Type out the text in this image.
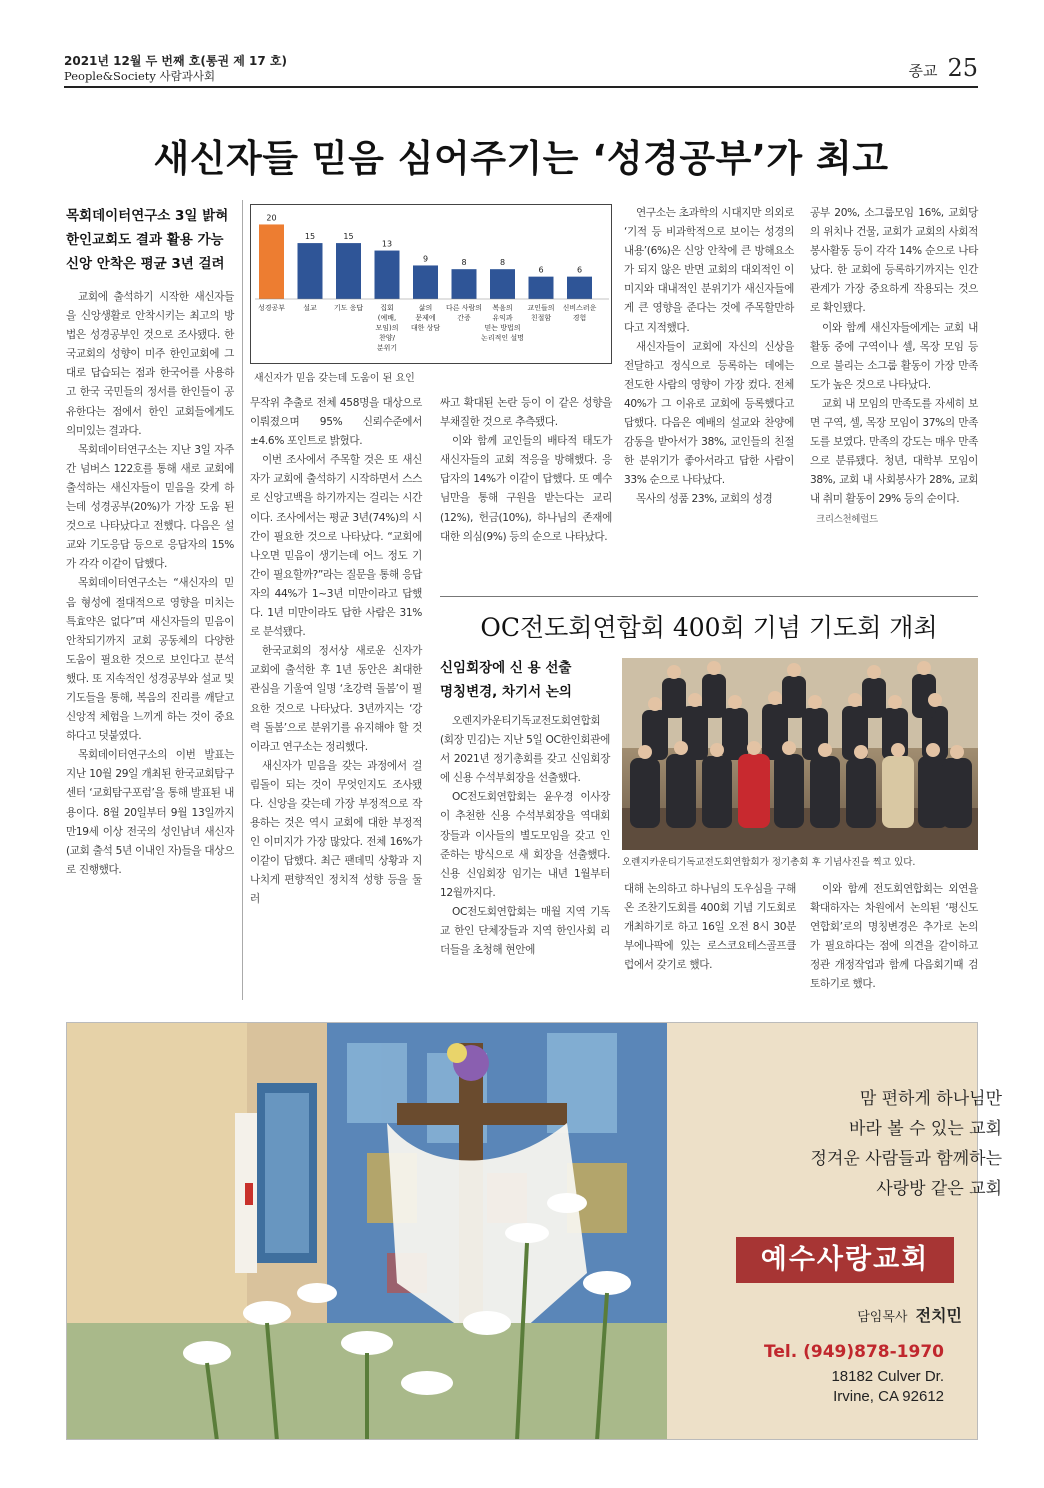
2021년 12월 두 번째 호(통권 제 17 호)
People&Society 사람과사회	종교 25
새신자들 믿음 심어주기는 ‘성경공부’가 최고
목회데이터연구소 3일 밝혀
한인교회도 결과 활용 가능
신앙 안착은 평균 3년 걸려
20
성경공부
15
설교
15
기도 응답
13
집회 (예배, 모임)의 찬양/ 분위기
9
삶의 문제에 대한 상담
8
다른 사람의 간증
8
복음의 유익과 믿는 방법의 논리적인 설명
6
교인들의 친절함
6
신비스러운 경험
새신자가 믿음 갖는데 도움이 된 요인

교회에 출석하기 시작한 새신자들을 신앙생활로 안착시키는 최고의 방법은 성경공부인 것으로 조사됐다. 한국교회의 성향이 미주 한인교회에 그대로 답습되는 점과 한국어를 사용하고 한국 국민들의 정서를 한인들이 공유한다는 점에서 한인 교회들에게도 의미있는 결과다.

목회데이터연구소는 지난 3일 자주간 넘버스 122호를 통해 새로 교회에 출석하는 새신자들이 믿음을 갖게 하는데 성경공부(20%)가 가장 도움 된 것으로 나타났다고 전했다. 다음은 설교와 기도응답 등으로 응답자의 15%가 각각 이같이 답했다.

목회데이터연구소는 “새신자의 믿음 형성에 절대적으로 영향을 미치는 특효약은 없다”며 새신자들의 믿음이 안착되기까지 교회 공동체의 다양한 도움이 필요한 것으로 보인다고 분석했다. 또 지속적인 성경공부와 설교 및 기도들을 통해, 복음의 진리를 깨닫고 신앙적 체험을 느끼게 하는 것이 중요하다고 덧붙였다.

목회데이터연구소의 이번 발표는 지난 10월 29일 개최된 한국교회탐구센터 ‘교회탐구포럼’을 통해 발표된 내용이다. 8월 20일부터 9월 13일까지 만19세 이상 전국의 성인남녀 새신자(교회 출석 5년 이내인 자)들을 대상으로 진행했다.

무작위 추출로 전체 458명을 대상으로 이뤄졌으며 95% 신뢰수준에서 ±4.6% 포인트로 밝혔다.

이번 조사에서 주목할 것은 또 새신자가 교회에 출석하기 시작하면서 스스로 신앙고백을 하기까지는 걸리는 시간이다. 조사에서는 평균 3년(74%)의 시간이 필요한 것으로 나타났다. “교회에 나오면 믿음이 생기는데 어느 정도 기간이 필요할까?”라는 질문을 통해 응답자의 44%가 1~3년 미만이라고 답했다. 1년 미만이라도 답한 사람은 31%로 분석됐다.

한국교회의 정서상 새로운 신자가 교회에 출석한 후 1년 동안은 최대한 관심을 기울여 일명 ‘초강력 돌봄’이 필요한 것으로 나타났다. 3년까지는 ‘강력 돌봄’으로 분위기를 유지해야 할 것이라고 연구소는 정리했다.

새신자가 믿음을 갖는 과정에서 걸림돌이 되는 것이 무엇인지도 조사됐다. 신앙을 갖는데 가장 부정적으로 작용하는 것은 역시 교회에 대한 부정적인 이미지가 가장 많았다. 전체 16%가 이같이 답했다. 최근 팬데믹 상황과 지나치게 편향적인 정치적 성향 등을 둘러

싸고 확대된 논란 등이 이 같은 성향을 부채질한 것으로 추측됐다.

이와 함께 교인들의 배타적 태도가 새신자들의 교회 적응을 방해했다. 응답자의 14%가 이같이 답했다. 또 예수님만을 통해 구원을 받는다는 교리(12%), 헌금(10%), 하나님의 존재에 대한 의심(9%) 등의 순으로 나타났다.

연구소는 초과학의 시대지만 의외로 ‘기적 등 비과학적으로 보이는 성경의 내용’(6%)은 신앙 안착에 큰 방해요소가 되지 않은 반면 교회의 대외적인 이미지와 대내적인 분위기가 새신자들에게 큰 영향을 준다는 것에 주목할만하다고 지적했다.

새신자들이 교회에 자신의 신상을 전달하고 정식으로 등록하는 데에는 전도한 사람의 영향이 가장 컸다. 전체 40%가 그 이유로 교회에 등록했다고 답했다. 다음은 예배의 설교와 찬양에 감동을 받아서가 38%, 교인들의 친절한 분위기가 좋아서라고 답한 사람이 33% 순으로 나타났다.

목사의 성품 23%, 교회의 성경

공부 20%, 소그룹모임 16%, 교회당의 위치나 건물, 교회가 교회의 사회적 봉사활동 등이 각각 14% 순으로 나타났다. 한 교회에 등록하기까지는 인간관계가 가장 중요하게 작용되는 것으로 확인됐다.

이와 함께 새신자들에게는 교회 내 활동 중에 구역이나 셀, 목장 모임 등으로 불리는 소그룹 활동이 가장 만족도가 높은 것으로 나타났다.

교회 내 모임의 만족도를 자세히 보면 구역, 셀, 목장 모임이 37%의 만족도를 보였다. 만족의 강도는 매우 만족으로 분류됐다. 청년, 대학부 모임이 38%, 교회 내 사회봉사가 28%, 교회 내 취미 활동이 29% 등의 순이다.

크리스천헤럴드
OC전도회연합회 400회 기념 기도회 개최
신임회장에 신 용 선출
명칭변경, 차기서 논의

오렌지카운티기독교전도회연합회(회장 민김)는 지난 5일 OC한인회관에서 2021년 정기총회를 갖고 신임회장에 신용 수석부회장을 선출했다.

OC전도회연합회는 윤우경 이사장이 추천한 신용 수석부회장을 역대회장들과 이사들의 별도모임을 갖고 인준하는 방식으로 새 회장을 선출했다. 신용 신임회장 임기는 내년 1월부터 12월까지다.

OC전도회연합회는 매월 지역 기독교 한인 단체장들과 지역 한인사회 리더들을 초청해 현안에

오렌지카운티기독교전도회연합회가 정기총회 후 기념사진을 찍고 있다.

대해 논의하고 하나님의 도우심을 구해 온 조찬기도회를 400회 기념 기도회로 개최하기로 하고 16일 오전 8시 30분 부에나팍에 있는 로스코요테스골프클럽에서 갖기로 했다.

이와 함께 전도회연합회는 외연을 확대하자는 차원에서 논의된 ‘평신도연합회’로의 명칭변경은 추가로 논의가 필요하다는 점에 의견을 같이하고 정관 개정작업과 함께 다음회기때 검토하기로 했다.

맘 편하게 하나님만
바라 볼 수 있는 교회
정겨운 사람들과 함께하는
사랑방 같은 교회
예수사랑교회
담임목사 전치민
Tel. (949)878-1970
18182 Culver Dr.
Irvine, CA 92612
